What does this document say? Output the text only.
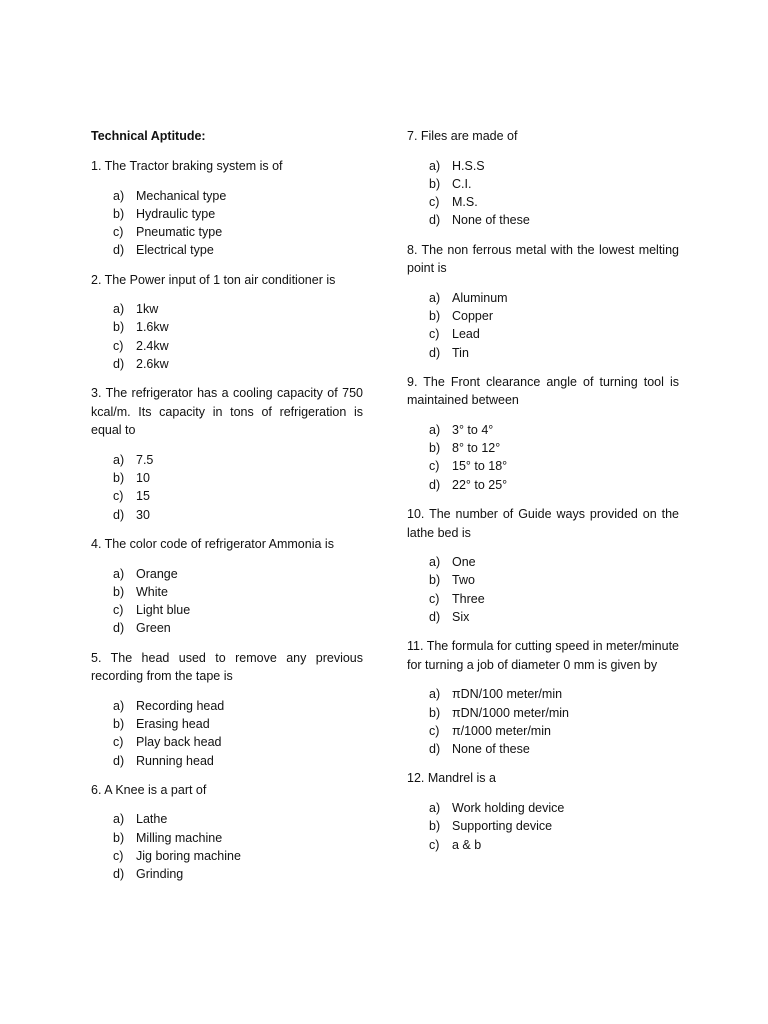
Technical Aptitude:

1. The Tractor braking system is of

a) Mechanical type
b) Hydraulic type
c)	Pneumatic type
d) Electrical type

2. The Power input of 1 ton air conditioner is

a) 1kw
b) 1.6kw
c)	2.4kw
d) 2.6kw

3. The refrigerator has a cooling capacity of 750 kcal/m. Its capacity in tons of refrigeration is equal to

a) 7.5
b) 10
c)	15
d) 30

4. The color code of refrigerator Ammonia is

a) Orange
b) White
c)	Light blue
d) Green

5. The head used to remove any previous recording from the tape is

a) Recording head
b) Erasing head
c)	Play back head
d) Running head

6. A Knee is a part of

a) Lathe
b) Milling machine
c)	Jig boring machine
d) Grinding

7. Files are made of

a) H.S.S
b) C.I.
c)	M.S.
d) None of these

8. The non ferrous metal with the lowest melting point is

a) Aluminum
b) Copper
c)	Lead
d) Tin

9. The Front clearance angle of turning tool is maintained between

a) 3° to 4°
b) 8° to 12°
c)	15° to 18°
d) 22° to 25°

10. The number of Guide ways provided on the lathe bed is

a) One
b) Two
c)	Three
d) Six

11. The formula for cutting speed in meter/minute for turning a job of diameter 0 mm is given by

a) πDN/100 meter/min
b) πDN/1000 meter/min
c)	π/1000 meter/min
d) None of these

12. Mandrel is a

a) Work holding device
b) Supporting device
c)	a & b
